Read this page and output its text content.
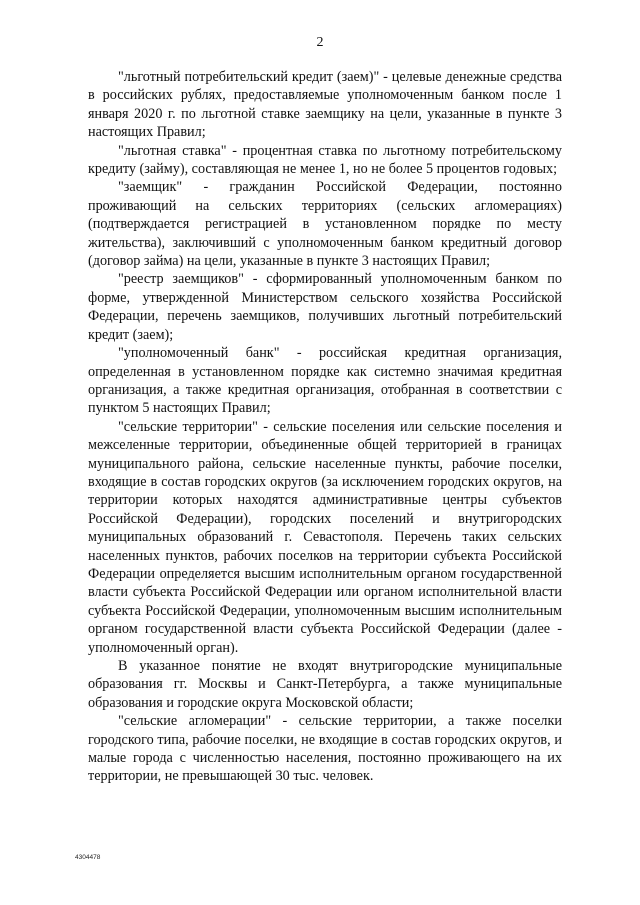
2

"льготный потребительский кредит (заем)" - целевые денежные средства в российских рублях, предоставляемые уполномоченным банком после 1 января 2020 г. по льготной ставке заемщику на цели, указанные в пункте 3 настоящих Правил;

"льготная ставка" - процентная ставка по льготному потребительскому кредиту (займу), составляющая не менее 1, но не более 5 процентов годовых;

"заемщик" - гражданин Российской Федерации, постоянно проживающий на сельских территориях (сельских агломерациях) (подтверждается регистрацией в установленном порядке по месту жительства), заключивший с уполномоченным банком кредитный договор (договор займа) на цели, указанные в пункте 3 настоящих Правил;

"реестр заемщиков" - сформированный уполномоченным банком по форме, утвержденной Министерством сельского хозяйства Российской Федерации, перечень заемщиков, получивших льготный потребительский кредит (заем);

"уполномоченный банк" - российская кредитная организация, определенная в установленном порядке как системно значимая кредитная организация, а также кредитная организация, отобранная в соответствии с пунктом 5 настоящих Правил;

"сельские территории" - сельские поселения или сельские поселения и межселенные территории, объединенные общей территорией в границах муниципального района, сельские населенные пункты, рабочие поселки, входящие в состав городских округов (за исключением городских округов, на территории которых находятся административные центры субъектов Российской Федерации), городских поселений и внутригородских муниципальных образований г. Севастополя. Перечень таких сельских населенных пунктов, рабочих поселков на территории субъекта Российской Федерации определяется высшим исполнительным органом государственной власти субъекта Российской Федерации или органом исполнительной власти субъекта Российской Федерации, уполномоченным высшим исполнительным органом государственной власти субъекта Российской Федерации (далее - уполномоченный орган).

В указанное понятие не входят внутригородские муниципальные образования гг. Москвы и Санкт-Петербурга, а также муниципальные образования и городские округа Московской области;

"сельские агломерации" - сельские территории, а также поселки городского типа, рабочие поселки, не входящие в состав городских округов, и малые города с численностью населения, постоянно проживающего на их территории, не превышающей 30 тыс. человек.

4304478
